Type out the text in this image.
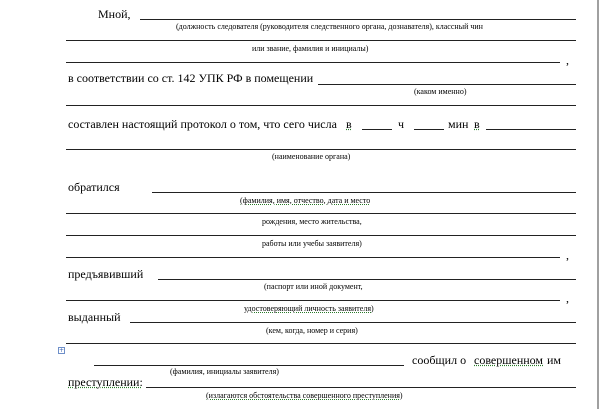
Мной,
(должность следователя (руководителя следственного органа, дознавателя), классный чин
или звание, фамилия и инициалы)
,
в соответствии со ст. 142 УПК РФ в помещении
(каком именно)
составлен настоящий протокол о том, что сего числа в	ч	мин в
(наименование органа)
обратился
(фамилия, имя, отчество, дата и место
рождения, место жительства,
работы или учебы заявителя)
,
предъявивший
(паспорт или иной документ,
,
удостоверяющий личность заявителя)
выданный
(кем, когда, номер и серия)
+
сообщил о совершенном им
(фамилия, инициалы заявителя)
преступлении:
(излагаются обстоятельства совершенного преступления)
